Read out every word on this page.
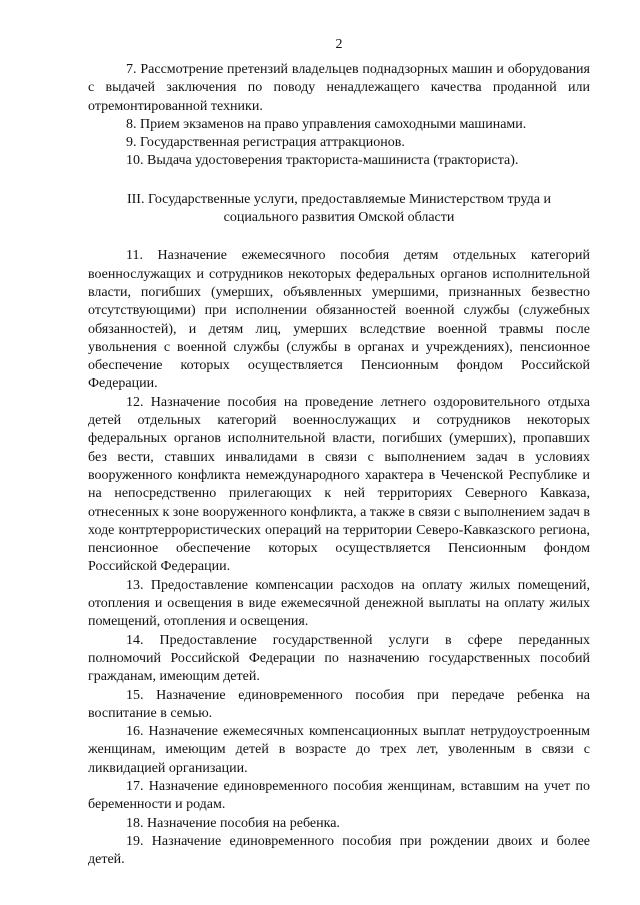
2

7. Рассмотрение претензий владельцев поднадзорных машин и оборудования с выдачей заключения по поводу ненадлежащего качества проданной или отремонтированной техники.

8. Прием экзаменов на право управления самоходными машинами.

9. Государственная регистрация аттракционов.

10. Выдача удостоверения тракториста-машиниста (тракториста).

III. Государственные услуги, предоставляемые Министерством труда и социального развития Омской области

11. Назначение ежемесячного пособия детям отдельных категорий военнослужащих и сотрудников некоторых федеральных органов исполнительной власти, погибших (умерших, объявленных умершими, признанных безвестно отсутствующими) при исполнении обязанностей военной службы (служебных обязанностей), и детям лиц, умерших вследствие военной травмы после увольнения с военной службы (службы в органах и учреждениях), пенсионное обеспечение которых осуществляется Пенсионным фондом Российской Федерации.

12. Назначение пособия на проведение летнего оздоровительного отдыха детей отдельных категорий военнослужащих и сотрудников некоторых федеральных органов исполнительной власти, погибших (умерших), пропавших без вести, ставших инвалидами в связи с выполнением задач в условиях вооруженного конфликта немеждународного характера в Чеченской Республике и на непосредственно прилегающих к ней территориях Северного Кавказа, отнесенных к зоне вооруженного конфликта, а также в связи с выполнением задач в ходе контртеррористических операций на территории Северо-Кавказского региона, пенсионное обеспечение которых осуществляется Пенсионным фондом Российской Федерации.

13. Предоставление компенсации расходов на оплату жилых помещений, отопления и освещения в виде ежемесячной денежной выплаты на оплату жилых помещений, отопления и освещения.

14. Предоставление государственной услуги в сфере переданных полномочий Российской Федерации по назначению государственных пособий гражданам, имеющим детей.

15. Назначение единовременного пособия при передаче ребенка на воспитание в семью.

16. Назначение ежемесячных компенсационных выплат нетрудоустроенным женщинам, имеющим детей в возрасте до трех лет, уволенным в связи с ликвидацией организации.

17. Назначение единовременного пособия женщинам, вставшим на учет по беременности и родам.

18. Назначение пособия на ребенка.

19. Назначение единовременного пособия при рождении двоих и более детей.
